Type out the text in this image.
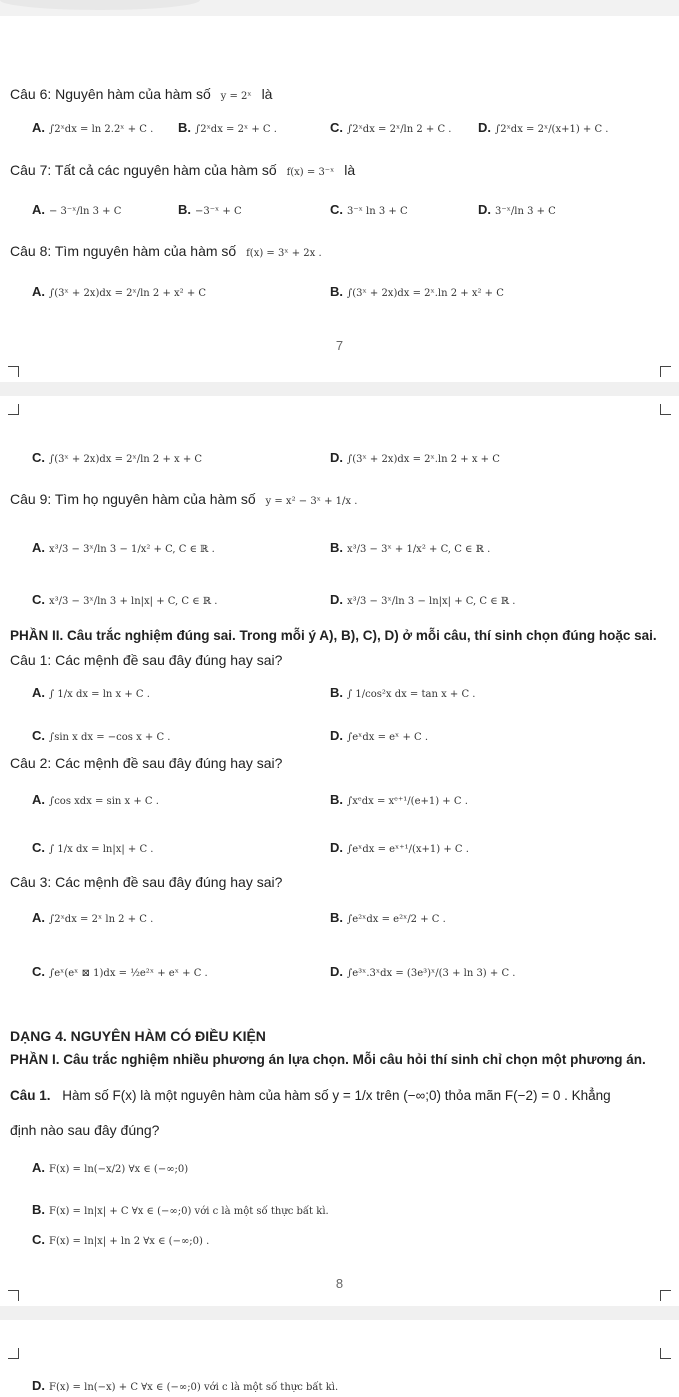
Câu 6: Nguyên hàm của hàm số y = 2ˣ là
A. ∫2ˣdx = ln 2.2ˣ + C . B. ∫2ˣdx = 2ˣ + C .	C. ∫2ˣdx = 2ˣ/ln 2 + C . D. ∫2ˣdx = 2ˣ/(x+1) + C .
Câu 7: Tất cả các nguyên hàm của hàm số f(x) = 3⁻ˣ là
A. − 3⁻ˣ/ln 3 + C	B. −3⁻ˣ + C	C. 3⁻ˣ ln 3 + C	D. 3⁻ˣ/ln 3 + C
Câu 8: Tìm nguyên hàm của hàm số f(x) = 3ˣ + 2x .
A. ∫(3ˣ + 2x)dx = 2ˣ/ln 2 + x² + C	B. ∫(3ˣ + 2x)dx = 2ˣ.ln 2 + x² + C
7
C. ∫(3ˣ + 2x)dx = 2ˣ/ln 2 + x + C	D. ∫(3ˣ + 2x)dx = 2ˣ.ln 2 + x + C
Câu 9: Tìm họ nguyên hàm của hàm số y = x² − 3ˣ + 1/x .
A. x³/3 − 3ˣ/ln 3 − 1/x² + C, C ∈ ℝ .	B. x³/3 − 3ˣ + 1/x² + C, C ∈ ℝ .
C. x³/3 − 3ˣ/ln 3 + ln|x| + C, C ∈ ℝ .	D. x³/3 − 3ˣ/ln 3 − ln|x| + C, C ∈ ℝ .
PHẦN II. Câu trắc nghiệm đúng sai. Trong mỗi ý A), B), C), D) ở mỗi câu, thí sinh chọn đúng hoặc sai.
Câu 1: Các mệnh đề sau đây đúng hay sai?
A. ∫ 1/x dx = ln x + C .	B. ∫ 1/cos²x dx = tan x + C .
C. ∫sin x dx = −cos x + C .	D. ∫eˣdx = eˣ + C .
Câu 2: Các mệnh đề sau đây đúng hay sai?
A. ∫cos xdx = sin x + C .	B. ∫xᵉdx = xᵉ⁺¹/(e+1) + C .
C. ∫ 1/x dx = ln|x| + C .	D. ∫eˣdx = eˣ⁺¹/(x+1) + C .
Câu 3: Các mệnh đề sau đây đúng hay sai?
A. ∫2ˣdx = 2ˣ ln 2 + C .	B. ∫e²ˣdx = e²ˣ/2 + C .
C. ∫eˣ(eˣ ⊠ 1)dx = ½e²ˣ + eˣ + C .	D. ∫e³ˣ.3ˣdx = (3e³)ˣ/(3 + ln 3) + C .
DẠNG 4. NGUYÊN HÀM CÓ ĐIỀU KIỆN
PHẦN I. Câu trắc nghiệm nhiều phương án lựa chọn. Mỗi câu hỏi thí sinh chỉ chọn một phương án.
Câu 1. Hàm số F(x) là một nguyên hàm của hàm số y = 1/x trên (−∞;0) thỏa mãn F(−2) = 0 . Khẳng
định nào sau đây đúng?
A. F(x) = ln(−x/2) ∀x ∈ (−∞;0)
B. F(x) = ln|x| + C ∀x ∈ (−∞;0) với c là một số thực bất kì.
C. F(x) = ln|x| + ln 2 ∀x ∈ (−∞;0) .
8
D. F(x) = ln(−x) + C ∀x ∈ (−∞;0) với c là một số thực bất kì.
